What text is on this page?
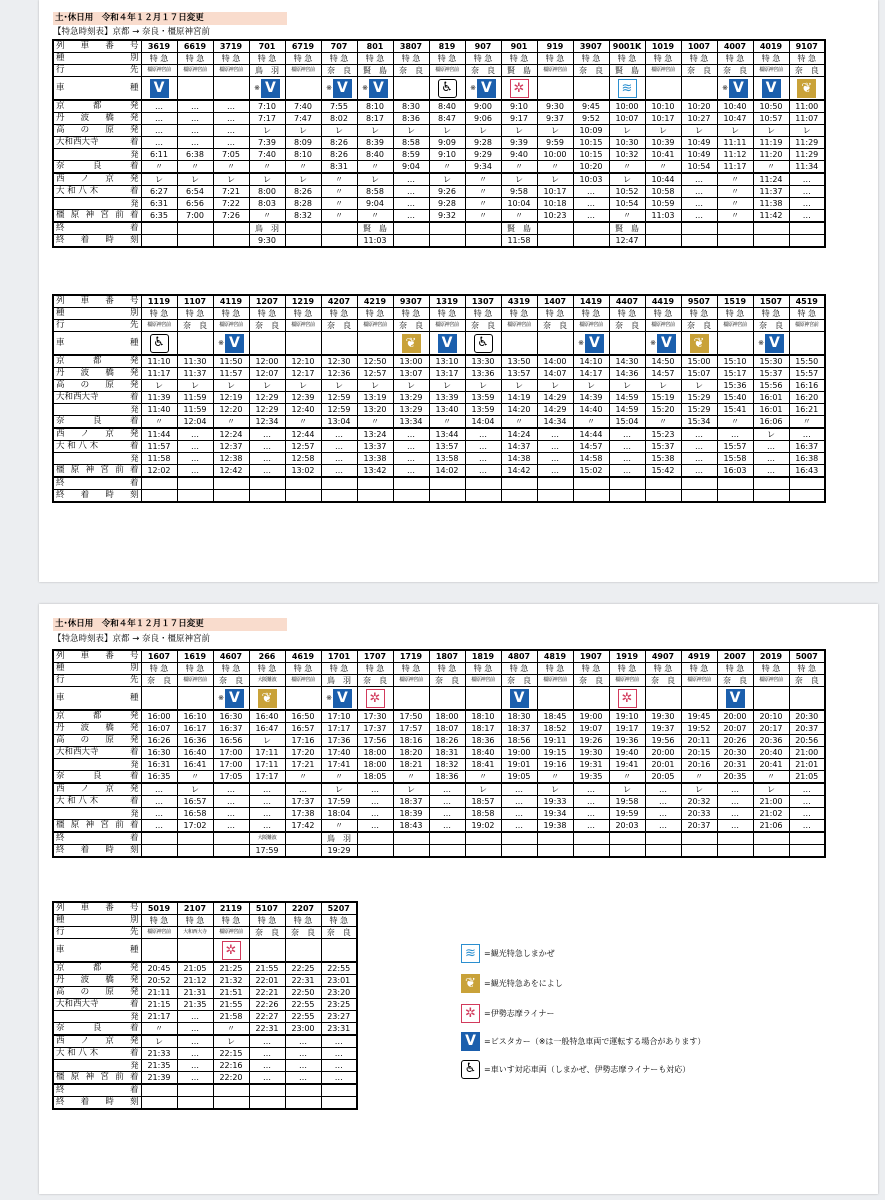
土･休日用　令和４年１２月１７日変更
【特急時刻表】京都 → 奈良・橿原神宮前
列　車　番　号	3619	6619	3719	701	6719	707	801	3807	819	907	901	919	3907	9001K	1019	1007	4007	4019	9107
種　　　　別	特 急	特 急	特 急	特 急	特 急	特 急	特 急	特 急	特 急	特 急	特 急	特 急	特 急	特 急	特 急	特 急	特 急	特 急	特 急
行　　　　先	橿原神宮前	橿原神宮前	橿原神宮前	鳥　羽	橿原神宮前	奈　良	賢　島	奈　良	橿原神宮前	奈　良	賢　島	橿原神宮前	奈　良	賢　島	橿原神宮前	奈　良	奈　良	橿原神宮前	奈　良
車　　　　種	V			※ V		※ V	※ V		♿	※ V	✲			≋			※ V	V	❦

京　都　発	…	…	…	7:10	7:40	7:55	8:10	8:30	8:40	9:00	9:10	9:30	9:45	10:00	10:10	10:20	10:40	10:50	11:00
丹　波　橋　発	…	…	…	7:17	7:47	8:02	8:17	8:36	8:47	9:06	9:17	9:37	9:52	10:07	10:17	10:27	10:47	10:57	11:07
高　の　原　発	…	…	…	レ	レ	レ	レ	レ	レ	レ	レ	レ	10:09	レ	レ	レ	レ	レ	レ

大和西大寺 着	…	…	…	7:39	8:09	8:26	8:39	8:58	9:09	9:28	9:39	9:59	10:15	10:30	10:39	10:49	11:11	11:19	11:29
発	6:11	6:38	7:05	7:40	8:10	8:26	8:40	8:59	9:10	9:29	9:40	10:00	10:15	10:32	10:41	10:49	11:12	11:20	11:29
奈　良　着	〃	〃	〃	〃	〃	8:31	〃	9:04	〃	9:34	〃	〃	10:20	〃	〃	10:54	11:17	〃	11:34
西　ノ　京　発	レ	レ	レ	レ	レ	〃	レ	…	レ	〃	レ	レ	10:03	レ	10:44	…	〃	11:24	…

大 和 八 木 着	6:27	6:54	7:21	8:00	8:26	〃	8:58	…	9:26	〃	9:58	10:17	…	10:52	10:58	…	〃	11:37	…
発	6:31	6:56	7:22	8:03	8:28	〃	9:04	…	9:28	〃	10:04	10:18	…	10:54	10:59	…	〃	11:38	…
橿原神宮前着	6:35	7:00	7:26	〃	8:32	〃	〃	…	9:32	〃	〃	10:23	…	〃	11:03	…	〃	11:42	…
終　　　　着				鳥　羽			賢　島				賢　島			賢　島					
終　着　時　刻				9:30			11:03				11:58			12:47					
列　車　番　号	1119	1107	4119	1207	1219	4207	4219	9307	1319	1307	4319	1407	1419	4407	4419	9507	1519	1507	4519
種　　　　別	特 急	特 急	特 急	特 急	特 急	特 急	特 急	特 急	特 急	特 急	特 急	特 急	特 急	特 急	特 急	特 急	特 急	特 急	特 急
行　　　　先	橿原神宮前	奈　良	橿原神宮前	奈　良	橿原神宮前	奈　良	橿原神宮前	奈　良	橿原神宮前	奈　良	橿原神宮前	奈　良	橿原神宮前	奈　良	橿原神宮前	奈　良	橿原神宮前	奈　良	橿原神宮前
車　　　　種	♿		※ V					❦	V	♿			※ V		※ V	❦		※ V	

京　都　発	11:10	11:30	11:50	12:00	12:10	12:30	12:50	13:00	13:10	13:30	13:50	14:00	14:10	14:30	14:50	15:00	15:10	15:30	15:50
丹　波　橋　発	11:17	11:37	11:57	12:07	12:17	12:36	12:57	13:07	13:17	13:36	13:57	14:07	14:17	14:36	14:57	15:07	15:17	15:37	15:57
高　の　原　発	レ	レ	レ	レ	レ	レ	レ	レ	レ	レ	レ	レ	レ	レ	レ	レ	15:36	15:56	16:16

大和西大寺 着	11:39	11:59	12:19	12:29	12:39	12:59	13:19	13:29	13:39	13:59	14:19	14:29	14:39	14:59	15:19	15:29	15:40	16:01	16:20
発	11:40	11:59	12:20	12:29	12:40	12:59	13:20	13:29	13:40	13:59	14:20	14:29	14:40	14:59	15:20	15:29	15:41	16:01	16:21
奈　良　着	〃	12:04	〃	12:34	〃	13:04	〃	13:34	〃	14:04	〃	14:34	〃	15:04	〃	15:34	〃	16:06	〃
西　ノ　京　発	11:44	…	12:24	…	12:44	…	13:24	…	13:44	…	14:24	…	14:44	…	15:23	…	…	レ	…

大 和 八 木 着	11:57	…	12:37	…	12:57	…	13:37	…	13:57	…	14:37	…	14:57	…	15:37	…	15:57	…	16:37
発	11:58	…	12:38	…	12:58	…	13:38	…	13:58	…	14:38	…	14:58	…	15:38	…	15:58	…	16:38
橿原神宮前着	12:02	…	12:42	…	13:02	…	13:42	…	14:02	…	14:42	…	15:02	…	15:42	…	16:03	…	16:43
終　　　　着																			
終　着　時　刻																			
土･休日用　令和４年１２月１７日変更
【特急時刻表】京都 → 奈良・橿原神宮前
≋	=観光特急しまかぜ
❦	=観光特急あをによし
✲	=伊勢志摩ライナー
V	=ビスタカー（※は一般特急車両で運転する場合があります）
♿ =車いす対応車両（しまかぜ、伊勢志摩ライナーも対応）
列　車　番　号	1607	1619	4607	266	4619	1701	1707	1719	1807	1819	4807	4819	1907	1919	4907	4919	2007	2019	5007
種　　　　別	特 急	特 急	特 急	特 急	特 急	特 急	特 急	特 急	特 急	特 急	特 急	特 急	特 急	特 急	特 急	特 急	特 急	特 急	特 急
行　　　　先	奈　良	橿原神宮前	奈　良	大阪難波	橿原神宮前	鳥　羽	奈　良	橿原神宮前	奈　良	橿原神宮前	奈　良	橿原神宮前	奈　良	橿原神宮前	奈　良	橿原神宮前	奈　良	橿原神宮前	奈　良
車　　　　種			※ V	❦		※ V	✲				V			✲			V		

京　都　発	16:00	16:10	16:30	16:40	16:50	17:10	17:30	17:50	18:00	18:10	18:30	18:45	19:00	19:10	19:30	19:45	20:00	20:10	20:30
丹　波　橋　発	16:07	16:17	16:37	16:47	16:57	17:17	17:37	17:57	18:07	18:17	18:37	18:52	19:07	19:17	19:37	19:52	20:07	20:17	20:37
高　の　原　発	16:26	16:36	16:56	レ	17:16	17:36	17:56	18:16	18:26	18:36	18:56	19:11	19:26	19:36	19:56	20:11	20:26	20:36	20:56

大和西大寺 着	16:30	16:40	17:00	17:11	17:20	17:40	18:00	18:20	18:31	18:40	19:00	19:15	19:30	19:40	20:00	20:15	20:30	20:40	21:00
発	16:31	16:41	17:00	17:11	17:21	17:41	18:00	18:21	18:32	18:41	19:01	19:16	19:31	19:41	20:01	20:16	20:31	20:41	21:01
奈　良　着	16:35	〃	17:05	17:17	〃	〃	18:05	〃	18:36	〃	19:05	〃	19:35	〃	20:05	〃	20:35	〃	21:05
西　ノ　京　発	…	レ	…	…	…	レ	…	レ	…	レ	…	レ	…	レ	…	レ	…	レ	…

大 和 八 木 着	…	16:57	…	…	17:37	17:59	…	18:37	…	18:57	…	19:33	…	19:58	…	20:32	…	21:00	…
発	…	16:58	…	…	17:38	18:04	…	18:39	…	18:58	…	19:34	…	19:59	…	20:33	…	21:02	…
橿原神宮前着	…	17:02	…	…	17:42	〃	…	18:43	…	19:02	…	19:38	…	20:03	…	20:37	…	21:06	…
終　　　　着				大阪難波		鳥　羽													
終　着　時　刻				17:59		19:29													
列　車　番　号	5019	2107	2119	5107	2207	5207
種　　　　別	特 急	特 急	特 急	特 急	特 急	特 急
行　　　　先	橿原神宮前	大和西大寺	橿原神宮前	奈　良	奈　良	奈　良
車　　　　種			✲			

京　都　発	20:45	21:05	21:25	21:55	22:25	22:55
丹　波　橋　発	20:52	21:12	21:32	22:01	22:31	23:01
高　の　原　発	21:11	21:31	21:51	22:21	22:50	23:20

大和西大寺 着	21:15	21:35	21:55	22:26	22:55	23:25
発	21:17	…	21:58	22:27	22:55	23:27
奈　良　着	〃	…	〃	22:31	23:00	23:31
西　ノ　京　発	レ	…	レ	…	…	…

大 和 八 木 着	21:33	…	22:15	…	…	…
発	21:35	…	22:16	…	…	…
橿原神宮前着	21:39	…	22:20	…	…	…
終　　　　着						
終　着　時　刻						
